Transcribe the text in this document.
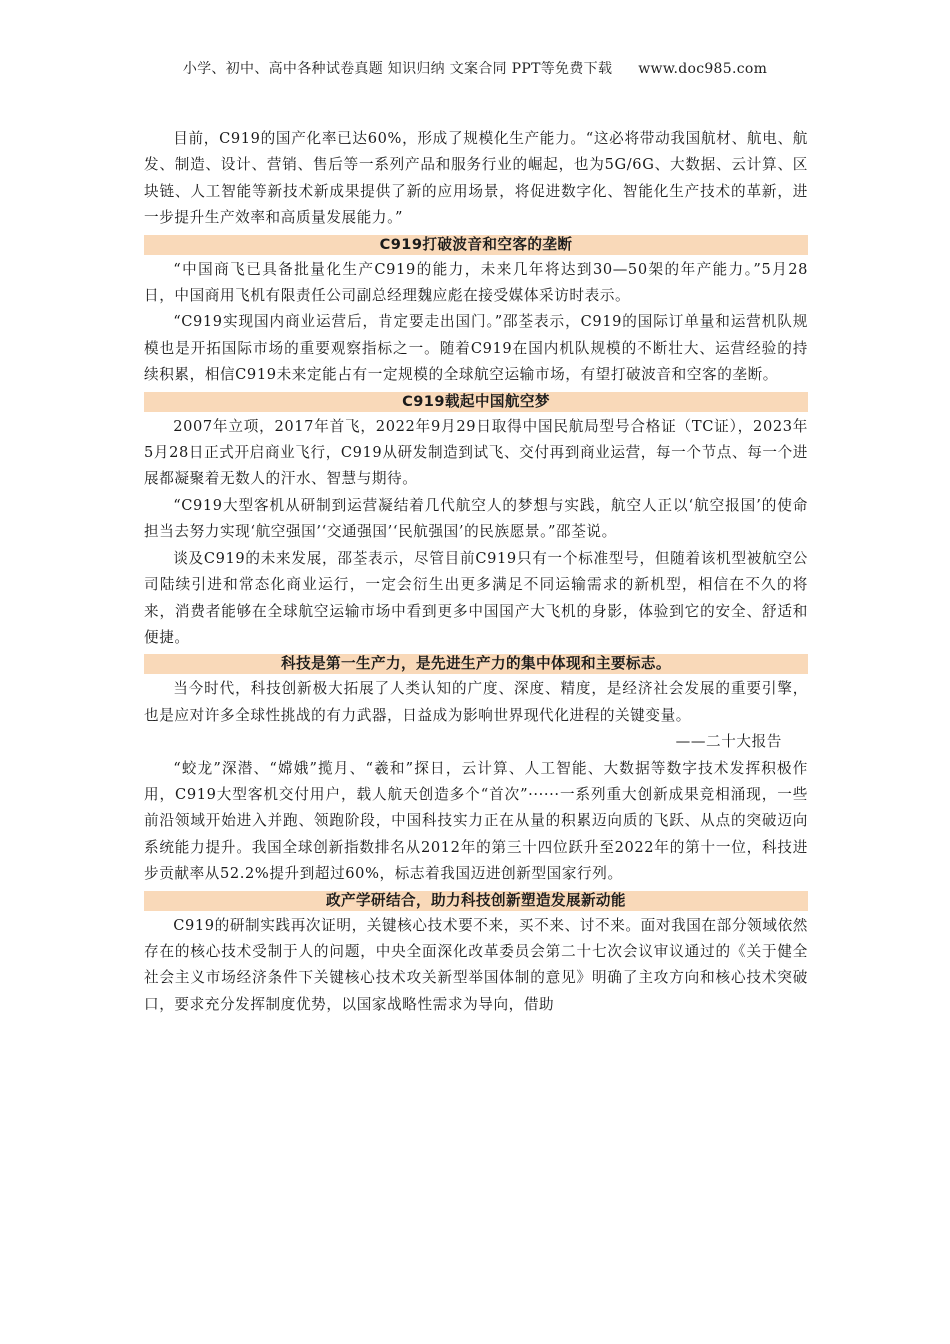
小学、初中、高中各种试卷真题 知识归纳 文案合同 PPT等免费下载 www.doc985.com

目前，C919的国产化率已达60%，形成了规模化生产能力。“这必将带动我国航材、航电、航发、制造、设计、营销、售后等一系列产品和服务行业的崛起，也为5G/6G、大数据、云计算、区块链、人工智能等新技术新成果提供了新的应用场景，将促进数字化、智能化生产技术的革新，进一步提升生产效率和高质量发展能力。”

C919打破波音和空客的垄断

“中国商飞已具备批量化生产C919的能力，未来几年将达到30—50架的年产能力。”5月28日，中国商用飞机有限责任公司副总经理魏应彪在接受媒体采访时表示。

“C919实现国内商业运营后，肯定要走出国门。”邵荃表示，C919的国际订单量和运营机队规模也是开拓国际市场的重要观察指标之一。随着C919在国内机队规模的不断壮大、运营经验的持续积累，相信C919未来定能占有一定规模的全球航空运输市场，有望打破波音和空客的垄断。

C919载起中国航空梦

2007年立项，2017年首飞，2022年9月29日取得中国民航局型号合格证（TC证），2023年5月28日正式开启商业飞行，C919从研发制造到试飞、交付再到商业运营，每一个节点、每一个进展都凝聚着无数人的汗水、智慧与期待。

“C919大型客机从研制到运营凝结着几代航空人的梦想与实践，航空人正以‘航空报国’的使命担当去努力实现‘航空强国’‘交通强国’‘民航强国’的民族愿景。”邵荃说。

谈及C919的未来发展，邵荃表示，尽管目前C919只有一个标准型号，但随着该机型被航空公司陆续引进和常态化商业运行，一定会衍生出更多满足不同运输需求的新机型，相信在不久的将来，消费者能够在全球航空运输市场中看到更多中国国产大飞机的身影，体验到它的安全、舒适和便捷。

科技是第一生产力，是先进生产力的集中体现和主要标志。

当今时代，科技创新极大拓展了人类认知的广度、深度、精度，是经济社会发展的重要引擎，也是应对许多全球性挑战的有力武器，日益成为影响世界现代化进程的关键变量。

——二十大报告

“蛟龙”深潜、“嫦娥”揽月、“羲和”探日，云计算、人工智能、大数据等数字技术发挥积极作用，C919大型客机交付用户，载人航天创造多个“首次”······一系列重大创新成果竞相涌现，一些前沿领域开始进入并跑、领跑阶段，中国科技实力正在从量的积累迈向质的飞跃、从点的突破迈向系统能力提升。我国全球创新指数排名从2012年的第三十四位跃升至2022年的第十一位，科技进步贡献率从52.2%提升到超过60%，标志着我国迈进创新型国家行列。

政产学研结合，助力科技创新塑造发展新动能

C919的研制实践再次证明，关键核心技术要不来，买不来、讨不来。面对我国在部分领域依然存在的核心技术受制于人的问题，中央全面深化改革委员会第二十七次会议审议通过的《关于健全社会主义市场经济条件下关键核心技术攻关新型举国体制的意见》明确了主攻方向和核心技术突破口，要求充分发挥制度优势，以国家战略性需求为导向，借助
